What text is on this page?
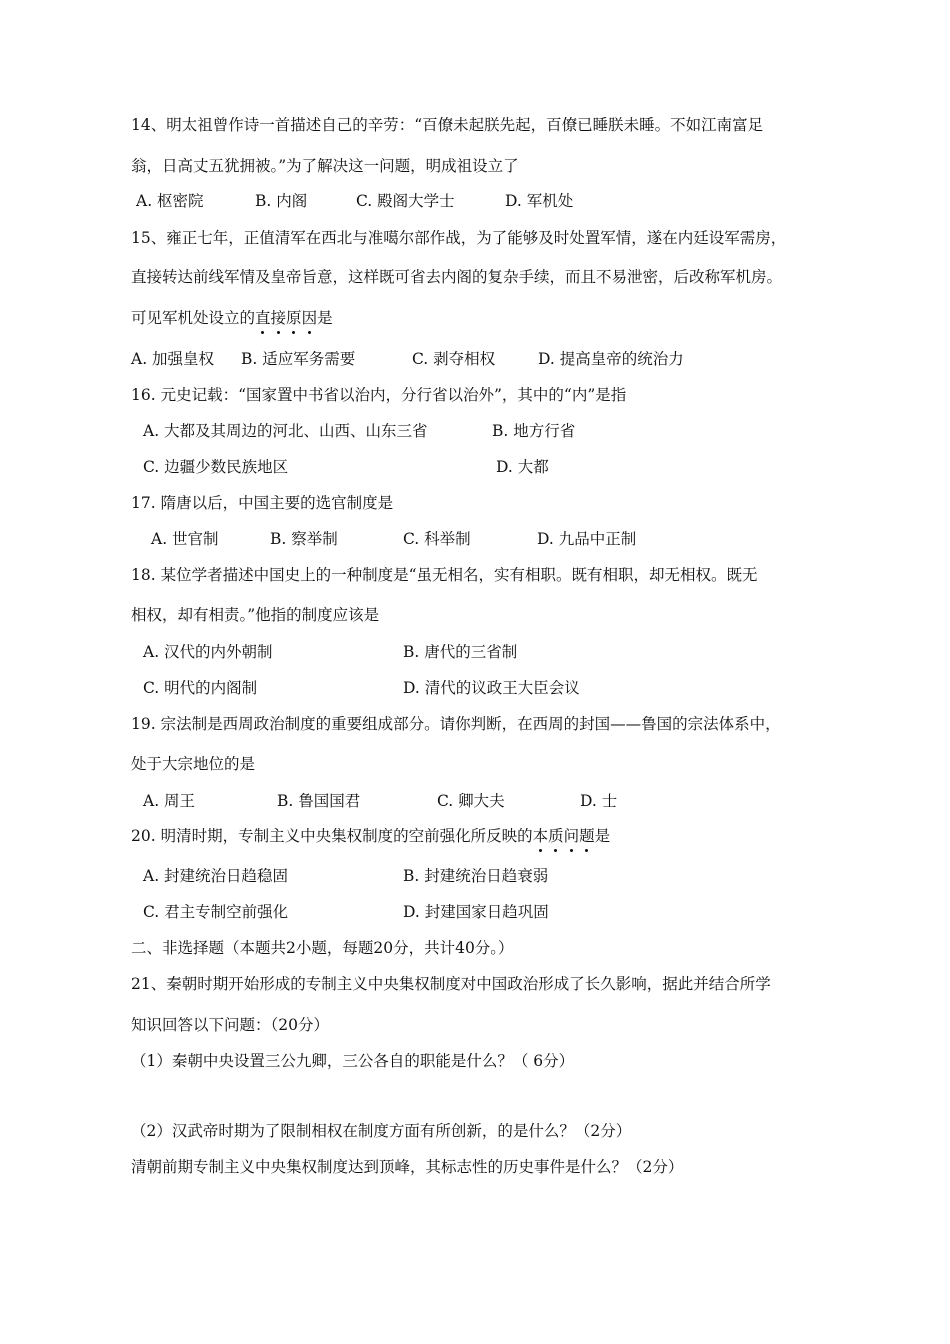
14、明太祖曾作诗一首描述自己的辛劳：“百僚未起朕先起，百僚已睡朕未睡。不如江南富足
翁，日高丈五犹拥被。”为了解决这一问题，明成祖设立了
A. 枢密院	B. 内阁	C. 殿阁大学士	D. 军机处
15、雍正七年，正值清军在西北与准噶尔部作战，为了能够及时处置军情，遂在内廷设军需房，
直接转达前线军情及皇帝旨意，这样既可省去内阁的复杂手续，而且不易泄密，后改称军机房。
可见军机处设立的直接原因是
A. 加强皇权 B. 适应军务需要	C. 剥夺相权	D. 提高皇帝的统治力
16. 元史记载：“国家置中书省以治内，分行省以治外”，其中的“内”是指
A. 大都及其周边的河北、山西、山东三省	B. 地方行省
C. 边疆少数民族地区	D. 大都
17. 隋唐以后，中国主要的选官制度是
A. 世官制	B. 察举制	C. 科举制	D. 九品中正制
18. 某位学者描述中国史上的一种制度是“虽无相名，实有相职。既有相职，却无相权。既无
相权，却有相责。”他指的制度应该是
A. 汉代的内外朝制	B. 唐代的三省制
C. 明代的内阁制	D. 清代的议政王大臣会议
19. 宗法制是西周政治制度的重要组成部分。请你判断，在西周的封国——鲁国的宗法体系中，
处于大宗地位的是
A. 周王	B. 鲁国国君	C. 卿大夫	D. 士
20. 明清时期，专制主义中央集权制度的空前强化所反映的本质问题是
A. 封建统治日趋稳固	B. 封建统治日趋衰弱
C. 君主专制空前强化	D. 封建国家日趋巩固
二、非选择题（本题共2小题，每题20分，共计40分。）
21、秦朝时期开始形成的专制主义中央集权制度对中国政治形成了长久影响，据此并结合所学
知识回答以下问题：（20分）
（1）秦朝中央设置三公九卿，三公各自的职能是什么？（ 6分）
（2）汉武帝时期为了限制相权在制度方面有所创新，的是什么？（2分）
清朝前期专制主义中央集权制度达到顶峰，其标志性的历史事件是什么？（2分）
